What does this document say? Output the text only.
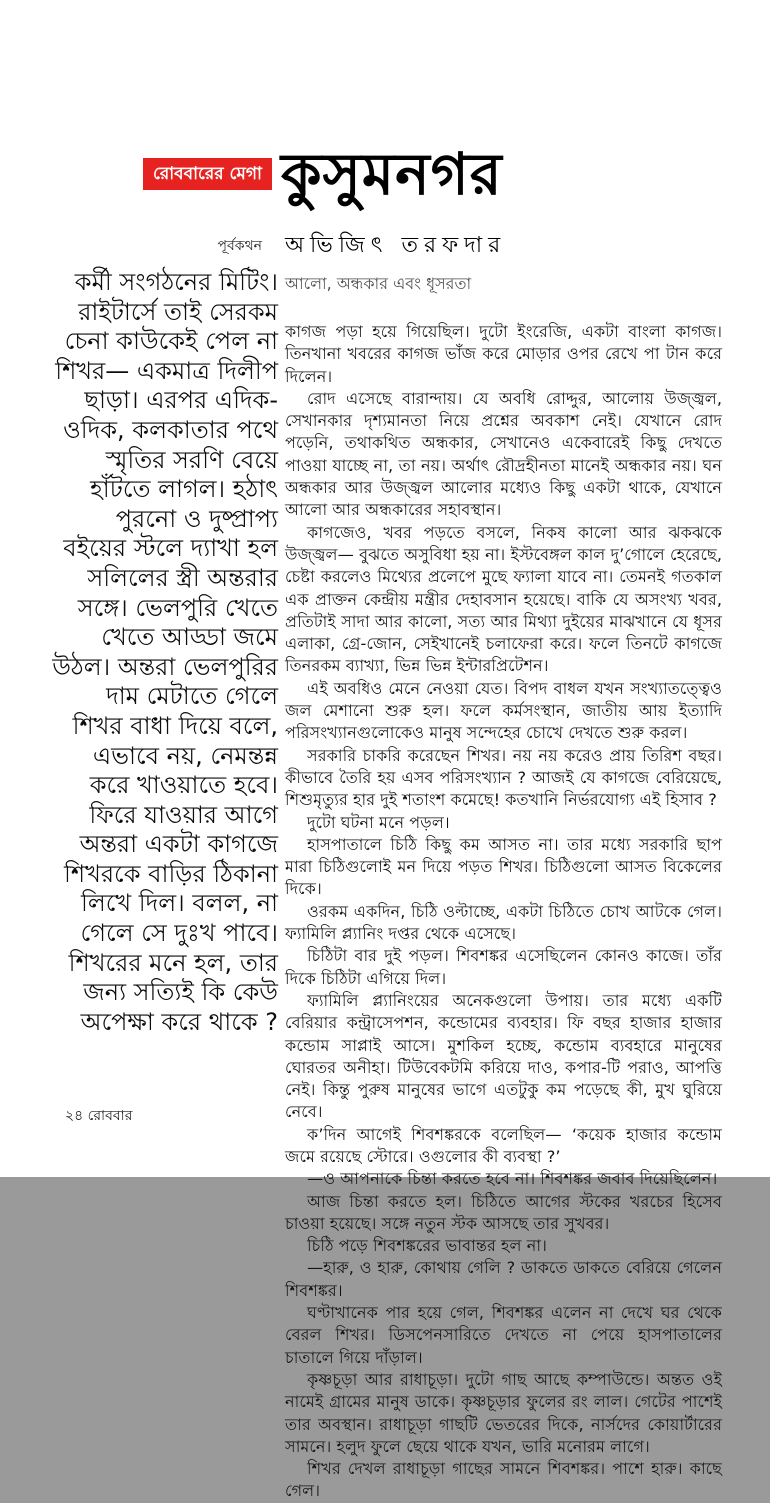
রোববারের মেগা কুসুমনগর
পূর্বকথন অভিজিৎ তরফদার
কর্মী সংগঠনের মিটিং। রাইটার্সে তাই সেরকম চেনা কাউকেই পেল না শিখর— একমাত্র দিলীপ ছাড়া। এরপর এদিক-ওদিক, কলকাতার পথে স্মৃতির সরণি বেয়ে হাঁটতে লাগল। হঠাৎ পুরনো ও দুষ্প্রাপ্য বইয়ের স্টলে দ্যাখা হল সলিলের স্ত্রী অন্তরার সঙ্গে। ভেলপুরি খেতে খেতে আড্ডা জমে উঠল। অন্তরা ভেলপুরির দাম মেটাতে গেলে শিখর বাধা দিয়ে বলে, এভাবে নয়, নেমন্তন্ন করে খাওয়াতে হবে। ফিরে যাওয়ার আগে অন্তরা একটা কাগজে শিখরকে বাড়ির ঠিকানা লিখে দিল। বলল, না গেলে সে দুঃখ পাবে। শিখরের মনে হল, তার জন্য সত্যিই কি কেউ অপেক্ষা করে থাকে ?
আলো, অন্ধকার এবং ধূসরতা

কাগজ পড়া হয়ে গিয়েছিল। দুটো ইংরেজি, একটা বাংলা কাগজ। তিনখানা খবরের কাগজ ভাঁজ করে মোড়ার ওপর রেখে পা টান করে দিলেন।

রোদ এসেছে বারান্দায়। যে অবধি রোদ্দুর, আলোয় উজ্জ্বল, সেখানকার দৃশ্যমানতা নিয়ে প্রশ্নের অবকাশ নেই। যেখানে রোদ পড়েনি, তথাকথিত অন্ধকার, সেখানেও একেবারেই কিছু দেখতে পাওয়া যাচ্ছে না, তা নয়। অর্থাৎ রৌদ্রহীনতা মানেই অন্ধকার নয়। ঘন অন্ধকার আর উজ্জ্বল আলোর মধ্যেও কিছু একটা থাকে, যেখানে আলো আর অন্ধকারের সহাবস্থান।

কাগজেও, খবর পড়তে বসলে, নিকষ কালো আর ঝকঝকে উজ্জ্বল— বুঝতে অসুবিধা হয় না। ইস্টবেঙ্গল কাল দু’গোলে হেরেছে, চেষ্টা করলেও মিথ্যের প্রলেপে মুছে ফ্যালা যাবে না। তেমনই গতকাল এক প্রাক্তন কেন্দ্রীয় মন্ত্রীর দেহাবসান হয়েছে। বাকি যে অসংখ্য খবর, প্রতিটাই সাদা আর কালো, সত্য আর মিথ্যা দুইয়ের মাঝখানে যে ধূসর এলাকা, গ্রে-জোন, সেইখানেই চলাফেরা করে। ফলে তিনটে কাগজে তিনরকম ব্যাখ্যা, ভিন্ন ভিন্ন ইন্টারপ্রিটেশন।

এই অবধিও মেনে নেওয়া যেত। বিপদ বাধল যখন সংখ্যাতত্ত্বেও জল মেশানো শুরু হল। ফলে কর্মসংস্থান, জাতীয় আয় ইত্যাদি পরিসংখ্যানগুলোকেও মানুষ সন্দেহের চোখে দেখতে শুরু করল।

সরকারি চাকরি করেছেন শিখর। নয় নয় করেও প্রায় তিরিশ বছর। কীভাবে তৈরি হয় এসব পরিসংখ্যান ? আজই যে কাগজে বেরিয়েছে, শিশুমৃত্যুর হার দুই শতাংশ কমেছে! কতখানি নির্ভরযোগ্য এই হিসাব ?

দুটো ঘটনা মনে পড়ল।

হাসপাতালে চিঠি কিছু কম আসত না। তার মধ্যে সরকারি ছাপ মারা চিঠিগুলোই মন দিয়ে পড়ত শিখর। চিঠিগুলো আসত বিকেলের দিকে।

ওরকম একদিন, চিঠি ওল্টাচ্ছে, একটা চিঠিতে চোখ আটকে গেল। ফ্যামিলি প্ল্যানিং দপ্তর থেকে এসেছে।

চিঠিটা বার দুই পড়ল। শিবশঙ্কর এসেছিলেন কোনও কাজে। তাঁর দিকে চিঠিটা এগিয়ে দিল।

ফ্যামিলি প্ল্যানিংয়ের অনেকগুলো উপায়। তার মধ্যে একটি বেরিয়ার কন্ট্রাসেপশন, কন্ডোমের ব্যবহার। ফি বছর হাজার হাজার কন্ডোম সাপ্লাই আসে। মুশকিল হচ্ছে, কন্ডোম ব্যবহারে মানুষের ঘোরতর অনীহা। টিউবেকটমি করিয়ে দাও, কপার-টি পরাও, আপত্তি নেই। কিন্তু পুরুষ মানুষের ভাগে এতটুকু কম পড়েছে কী, মুখ ঘুরিয়ে নেবে।

ক’দিন আগেই শিবশঙ্করকে বলেছিল— ‘কয়েক হাজার কন্ডোম জমে রয়েছে স্টোরে। ওগুলোর কী ব্যবস্থা ?’

—ও আপনাকে চিন্তা করতে হবে না। শিবশঙ্কর জবাব দিয়েছিলেন।

আজ চিন্তা করতে হল। চিঠিতে আগের স্টকের খরচের হিসেব চাওয়া হয়েছে। সঙ্গে নতুন স্টক আসছে তার সুখবর।

চিঠি পড়ে শিবশঙ্করের ভাবান্তর হল না।

—হারু, ও হারু, কোথায় গেলি ? ডাকতে ডাকতে বেরিয়ে গেলেন শিবশঙ্কর।

ঘণ্টাখানেক পার হয়ে গেল, শিবশঙ্কর এলেন না দেখে ঘর থেকে বেরল শিখর। ডিসপেনসারিতে দেখতে না পেয়ে হাসপাতালের চাতালে গিয়ে দাঁড়াল।

কৃষ্ণচূড়া আর রাধাচূড়া। দুটো গাছ আছে কম্পাউন্ডে। অন্তত ওই নামেই গ্রামের মানুষ ডাকে। কৃষ্ণচূড়ার ফুলের রং লাল। গেটের পাশেই তার অবস্থান। রাধাচূড়া গাছটি ভেতরের দিকে, নার্সদের কোয়ার্টারের সামনে। হলুদ ফুলে ছেয়ে থাকে যখন, ভারি মনোরম লাগে।

শিখর দেখল রাধাচূড়া গাছের সামনে শিবশঙ্কর। পাশে হারু। কাছে গেল।

২৪ রোববার
